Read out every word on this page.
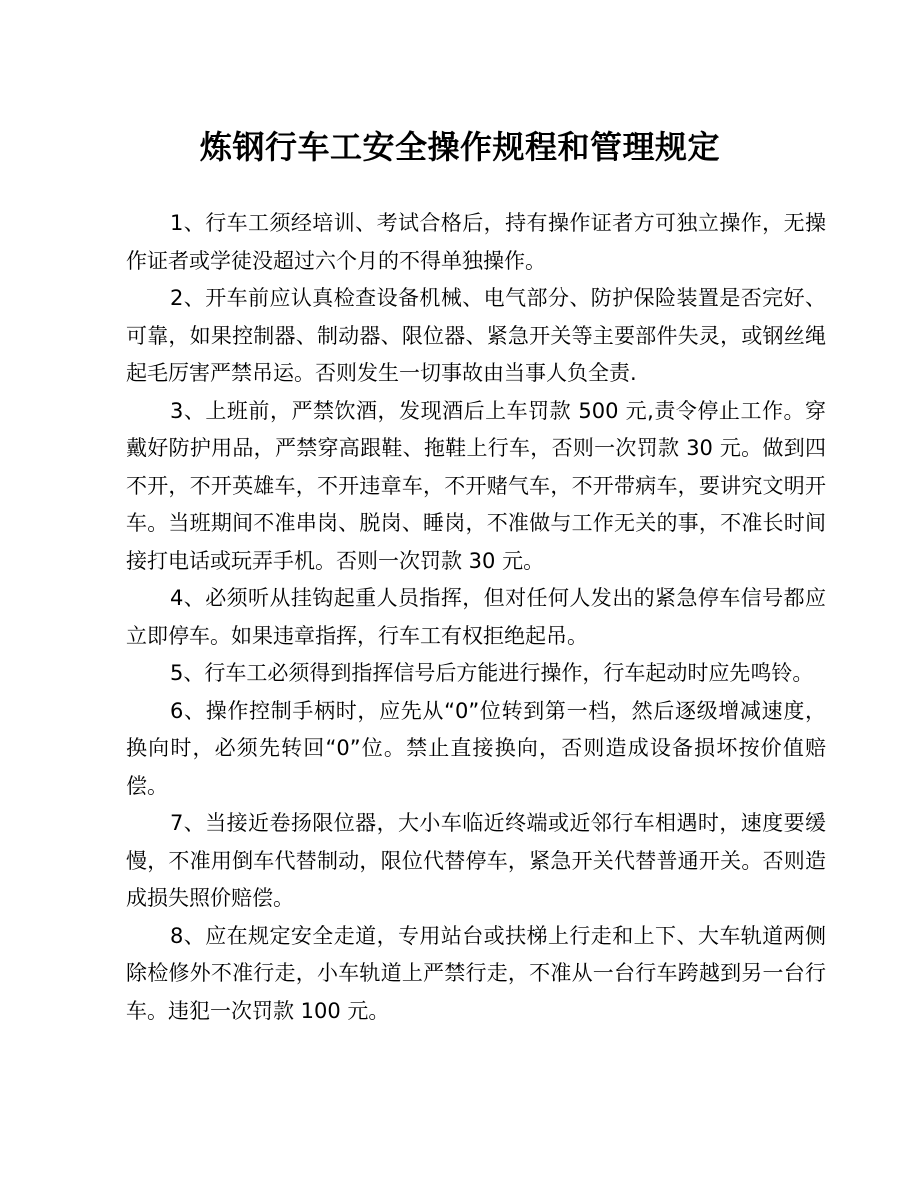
炼钢行车工安全操作规程和管理规定

1、行车工须经培训、考试合格后，持有操作证者方可独立操作，无操作证者或学徒没超过六个月的不得单独操作。

2、开车前应认真检查设备机械、电气部分、防护保险装置是否完好、可靠，如果控制器、制动器、限位器、紧急开关等主要部件失灵，或钢丝绳起毛厉害严禁吊运。否则发生一切事故由当事人负全责.

3、上班前，严禁饮酒，发现酒后上车罚款 500 元,责令停止工作。穿戴好防护用品，严禁穿高跟鞋、拖鞋上行车，否则一次罚款 30 元。做到四不开，不开英雄车，不开违章车，不开赌气车，不开带病车，要讲究文明开车。当班期间不准串岗、脱岗、睡岗，不准做与工作无关的事，不准长时间接打电话或玩弄手机。否则一次罚款 30 元。

4、必须听从挂钩起重人员指挥，但对任何人发出的紧急停车信号都应立即停车。如果违章指挥，行车工有权拒绝起吊。

5、行车工必须得到指挥信号后方能进行操作，行车起动时应先鸣铃。

6、操作控制手柄时，应先从“0”位转到第一档，然后逐级增减速度，换向时，必须先转回“0”位。禁止直接换向，否则造成设备损坏按价值赔偿。

7、当接近卷扬限位器，大小车临近终端或近邻行车相遇时，速度要缓慢，不准用倒车代替制动，限位代替停车，紧急开关代替普通开关。否则造成损失照价赔偿。

8、应在规定安全走道，专用站台或扶梯上行走和上下、大车轨道两侧除检修外不准行走，小车轨道上严禁行走，不准从一台行车跨越到另一台行车。违犯一次罚款 100 元。
